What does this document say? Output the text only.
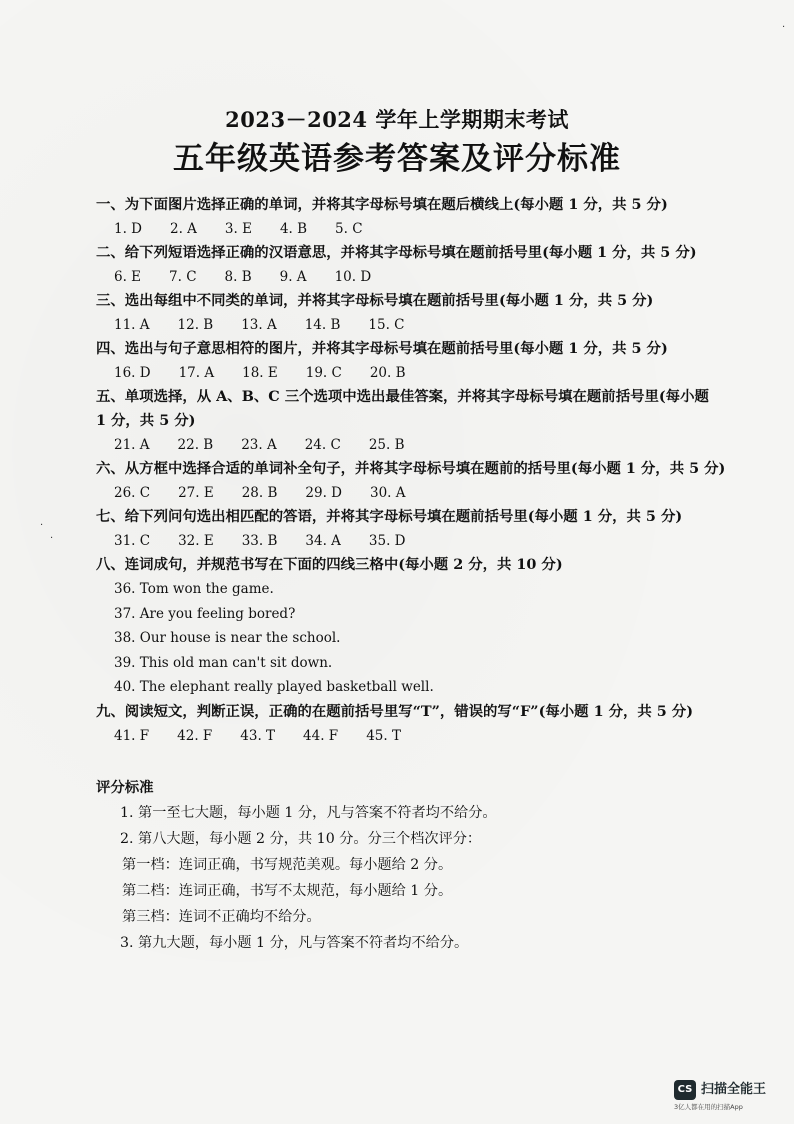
2023－2024 学年上学期期末考试
五年级英语参考答案及评分标准
一、为下面图片选择正确的单词，并将其字母标号填在题后横线上(每小题 1 分，共 5 分)
1. D 2. A 3. E 4. B 5. C
二、给下列短语选择正确的汉语意思，并将其字母标号填在题前括号里(每小题 1 分，共 5 分)
6. E 7. C 8. B 9. A 10. D
三、选出每组中不同类的单词，并将其字母标号填在题前括号里(每小题 1 分，共 5 分)
11. A 12. B 13. A 14. B 15. C
四、选出与句子意思相符的图片，并将其字母标号填在题前括号里(每小题 1 分，共 5 分)
16. D 17. A 18. E 19. C 20. B
五、单项选择，从 A、B、C 三个选项中选出最佳答案，并将其字母标号填在题前括号里(每小题 1 分，共 5 分)
21. A 22. B 23. A 24. C 25. B
六、从方框中选择合适的单词补全句子，并将其字母标号填在题前的括号里(每小题 1 分，共 5 分)
26. C 27. E 28. B 29. D 30. A
七、给下列问句选出相匹配的答语，并将其字母标号填在题前括号里(每小题 1 分，共 5 分)
31. C 32. E 33. B 34. A 35. D
八、连词成句，并规范书写在下面的四线三格中(每小题 2 分，共 10 分)
36. Tom won the game.
37. Are you feeling bored?
38. Our house is near the school.
39. This old man can't sit down.
40. The elephant really played basketball well.
九、阅读短文，判断正误，正确的在题前括号里写“T”，错误的写“F”(每小题 1 分，共 5 分)
41. F 42. F 43. T 44. F 45. T
评分标准
1. 第一至七大题，每小题 1 分，凡与答案不符者均不给分。
2. 第八大题，每小题 2 分，共 10 分。分三个档次评分：
第一档：连词正确，书写规范美观。每小题给 2 分。
第二档：连词正确，书写不太规范，每小题给 1 分。
第三档：连词不正确均不给分。
3. 第九大题，每小题 1 分，凡与答案不符者均不给分。
·
·
·
CS 扫描全能王
3亿人都在用的扫描App
